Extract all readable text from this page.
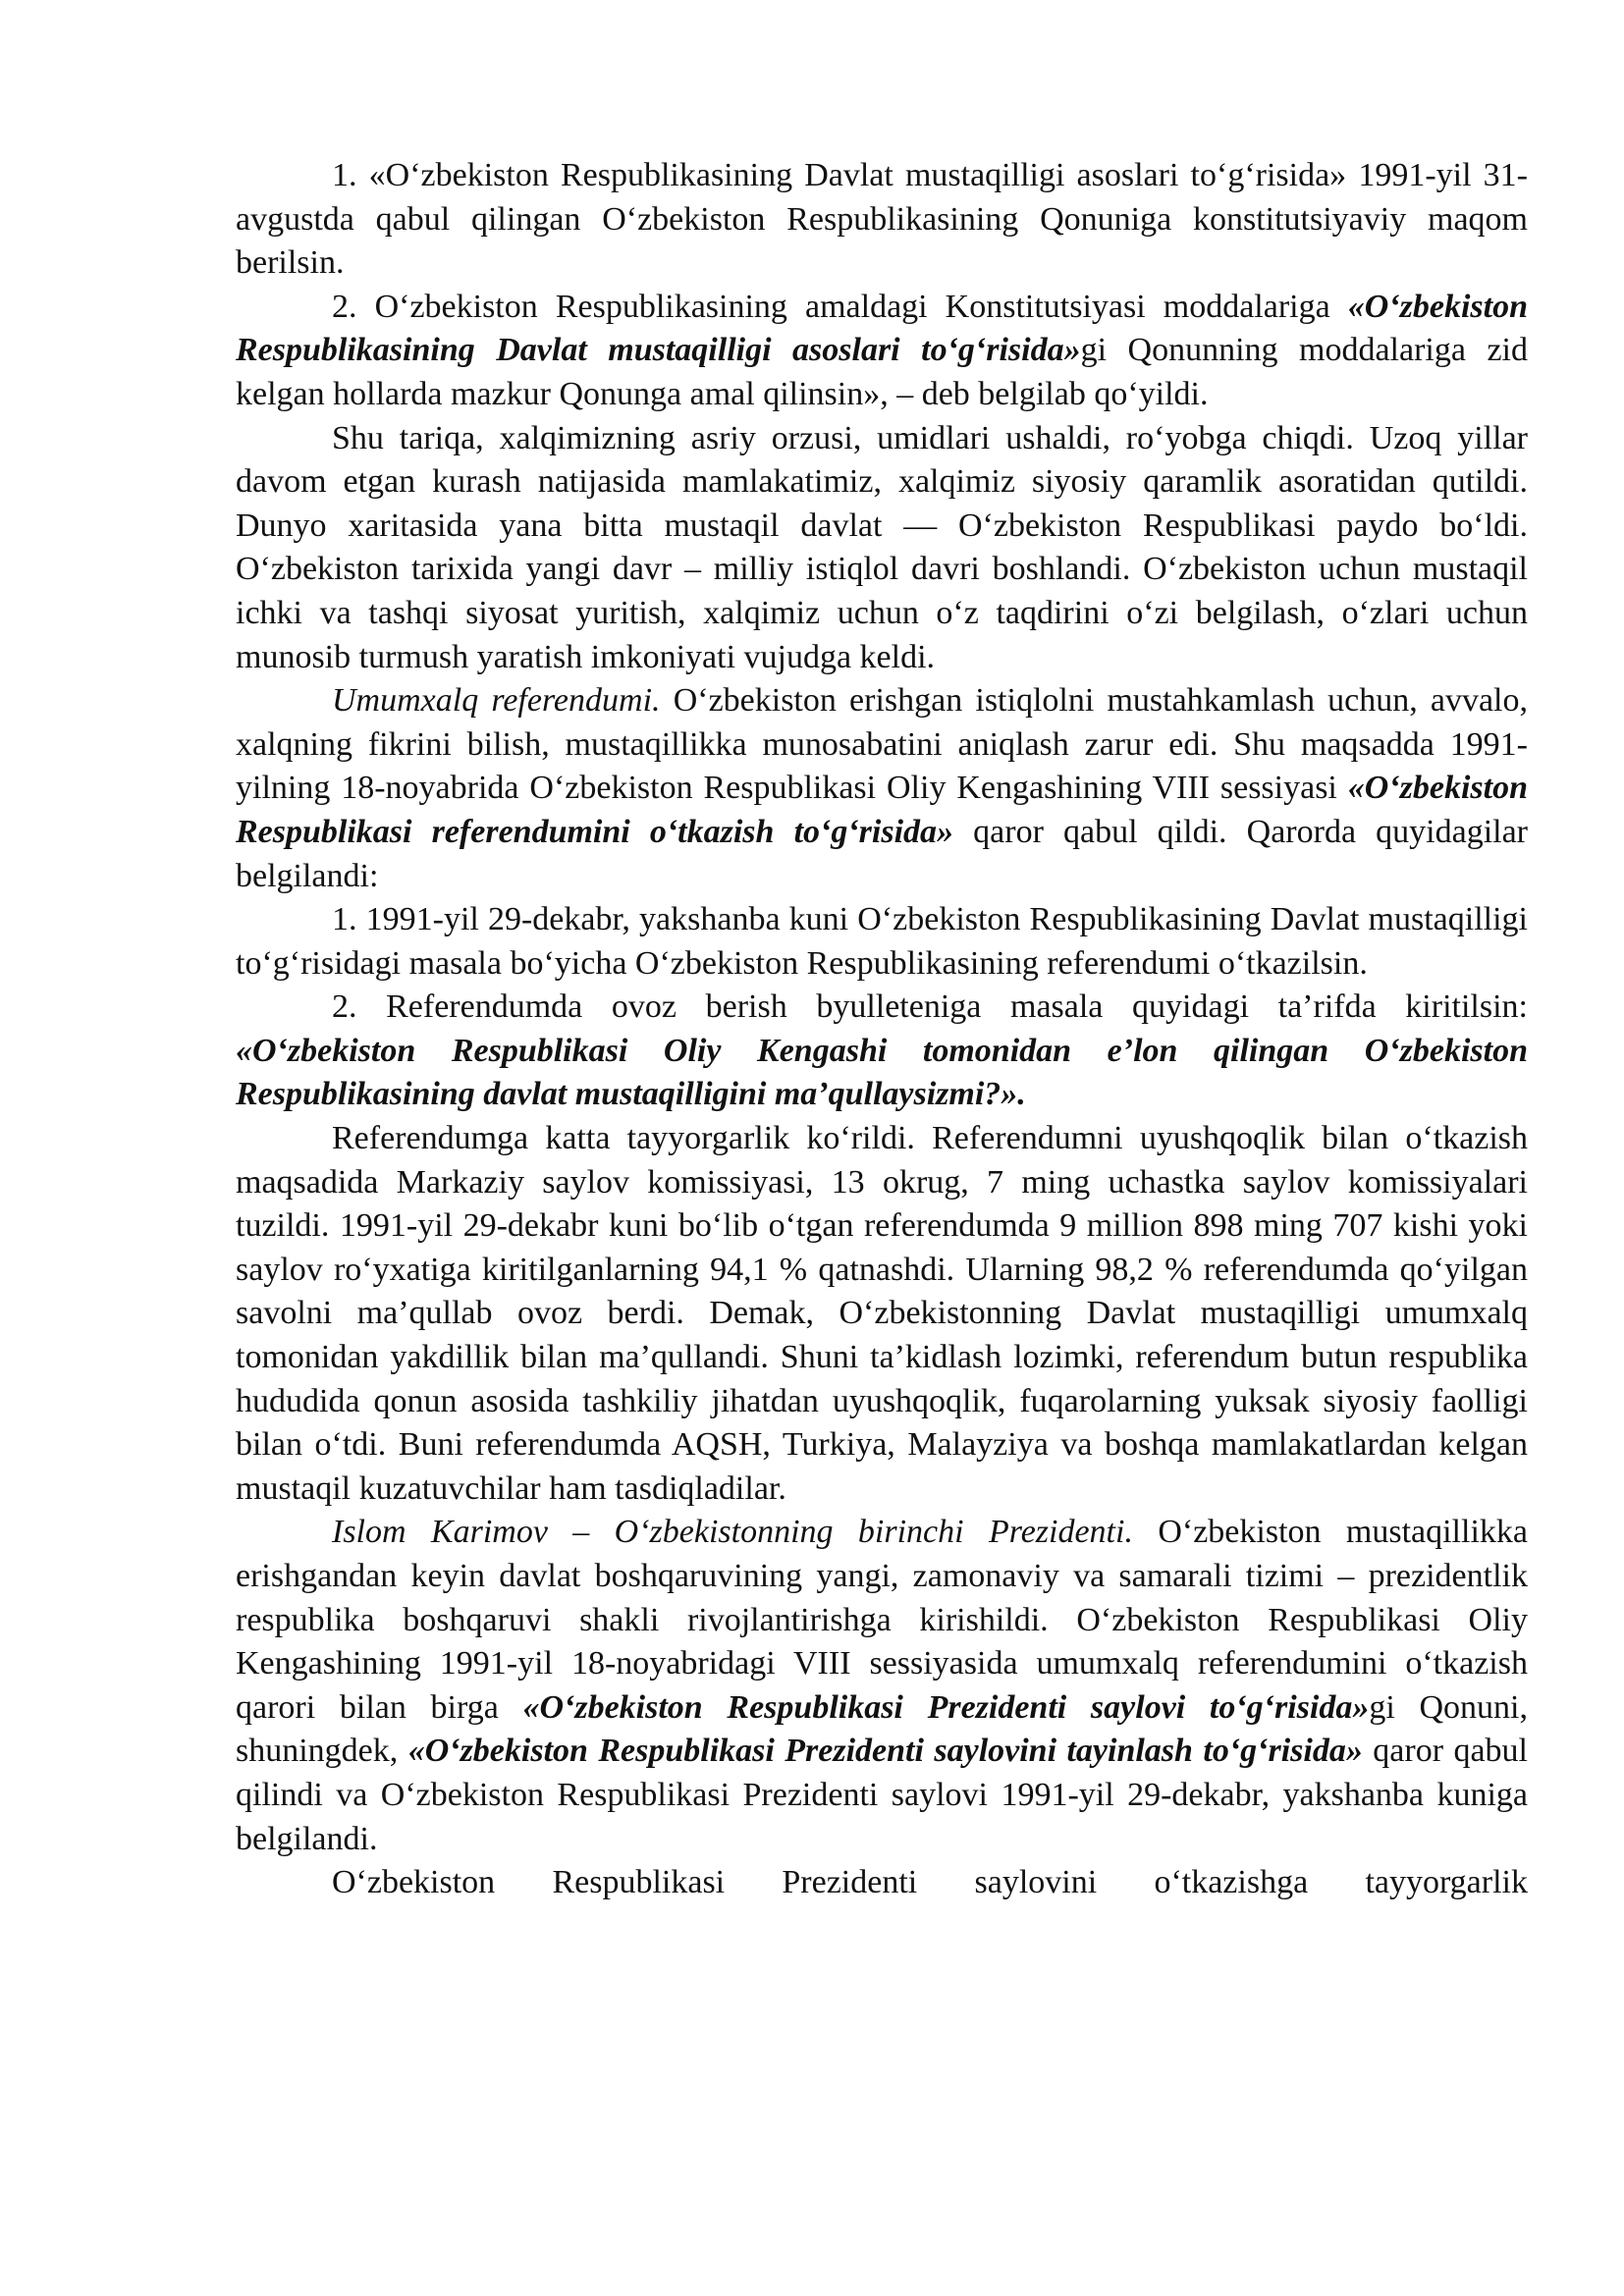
1. «O‘zbekiston Respublikasining Davlat mustaqilligi asoslari to‘g‘risida» 1991-yil 31-avgustda qabul qilingan O‘zbekiston Respublikasining Qonuniga konstitutsiyaviy maqom berilsin.

2. O‘zbekiston Respublikasining amaldagi Konstitutsiyasi moddalariga «O‘zbekiston Respublikasining Davlat mustaqilligi asoslari to‘g‘risida»gi Qonunning moddalariga zid kelgan hollarda mazkur Qonunga amal qilinsin», – deb belgilab qo‘yildi.

Shu tariqa, xalqimizning asriy orzusi, umidlari ushaldi, ro‘yobga chiqdi. Uzoq yillar davom etgan kurash natijasida mamlakatimiz, xalqimiz siyosiy qaramlik asoratidan qutildi. Dunyo xaritasida yana bitta mustaqil davlat — O‘zbekiston Respublikasi paydo bo‘ldi. O‘zbekiston tarixida yangi davr – milliy istiqlol davri boshlandi. O‘zbekiston uchun mustaqil ichki va tashqi siyosat yuritish, xalqimiz uchun o‘z taqdirini o‘zi belgilash, o‘zlari uchun munosib turmush yaratish imkoniyati vujudga keldi.

Umumxalq referendumi. O‘zbekiston erishgan istiqlolni mustahkamlash uchun, avvalo, xalqning fikrini bilish, mustaqillikka munosabatini aniqlash zarur edi. Shu maqsadda 1991-yilning 18-noyabrida O‘zbekiston Respublikasi Oliy Kengashining VIII sessiyasi «O‘zbekiston Respublikasi referendumini o‘tkazish to‘g‘risida» qaror qabul qildi. Qarorda quyidagilar belgilandi:

1. 1991-yil 29-dekabr, yakshanba kuni O‘zbekiston Respublikasining Davlat mustaqilligi to‘g‘risidagi masala bo‘yicha O‘zbekiston Respublikasining referendumi o‘tkazilsin.

2. Referendumda ovoz berish byulleteniga masala quyidagi ta’rifda kiritilsin: «O‘zbekiston Respublikasi Oliy Kengashi tomonidan e’lon qilingan O‘zbekiston Respublikasining davlat mustaqilligini ma’qullaysizmi?».

Referendumga katta tayyorgarlik ko‘rildi. Referendumni uyushqoqlik bilan o‘tkazish maqsadida Markaziy saylov komissiyasi, 13 okrug, 7 ming uchastka saylov komissiyalari tuzildi. 1991-yil 29-dekabr kuni bo‘lib o‘tgan referendumda 9 million 898 ming 707 kishi yoki saylov ro‘yxatiga kiritilganlarning 94,1 % qatnashdi. Ularning 98,2 % referendumda qo‘yilgan savolni ma’qullab ovoz berdi. Demak, O‘zbekistonning Davlat mustaqilligi umumxalq tomonidan yakdillik bilan ma’qullandi. Shuni ta’kidlash lozimki, referendum butun respublika hududida qonun asosida tashkiliy jihatdan uyushqoqlik, fuqarolarning yuksak siyosiy faolligi bilan o‘tdi. Buni referendumda AQSH, Turkiya, Malayziya va boshqa mamlakatlardan kelgan mustaqil kuzatuvchilar ham tasdiqladilar.

Islom Karimov – O‘zbekistonning birinchi Prezidenti. O‘zbekiston mustaqillikka erishgandan keyin davlat boshqaruvining yangi, zamonaviy va samarali tizimi – prezidentlik respublika boshqaruvi shakli rivojlantirishga kirishildi. O‘zbekiston Respublikasi Oliy Kengashining 1991-yil 18-noyabridagi VIII sessiyasida umumxalq referendumini o‘tkazish qarori bilan birga «O‘zbekiston Respublikasi Prezidenti saylovi to‘g‘risida»gi Qonuni, shuningdek, «O‘zbekiston Respublikasi Prezidenti saylovini tayinlash to‘g‘risida» qaror qabul qilindi va O‘zbekiston Respublikasi Prezidenti saylovi 1991-yil 29-dekabr, yakshanba kuniga belgilandi.

O‘zbekiston Respublikasi Prezidenti saylovini o‘tkazishga tayyorgarlik
